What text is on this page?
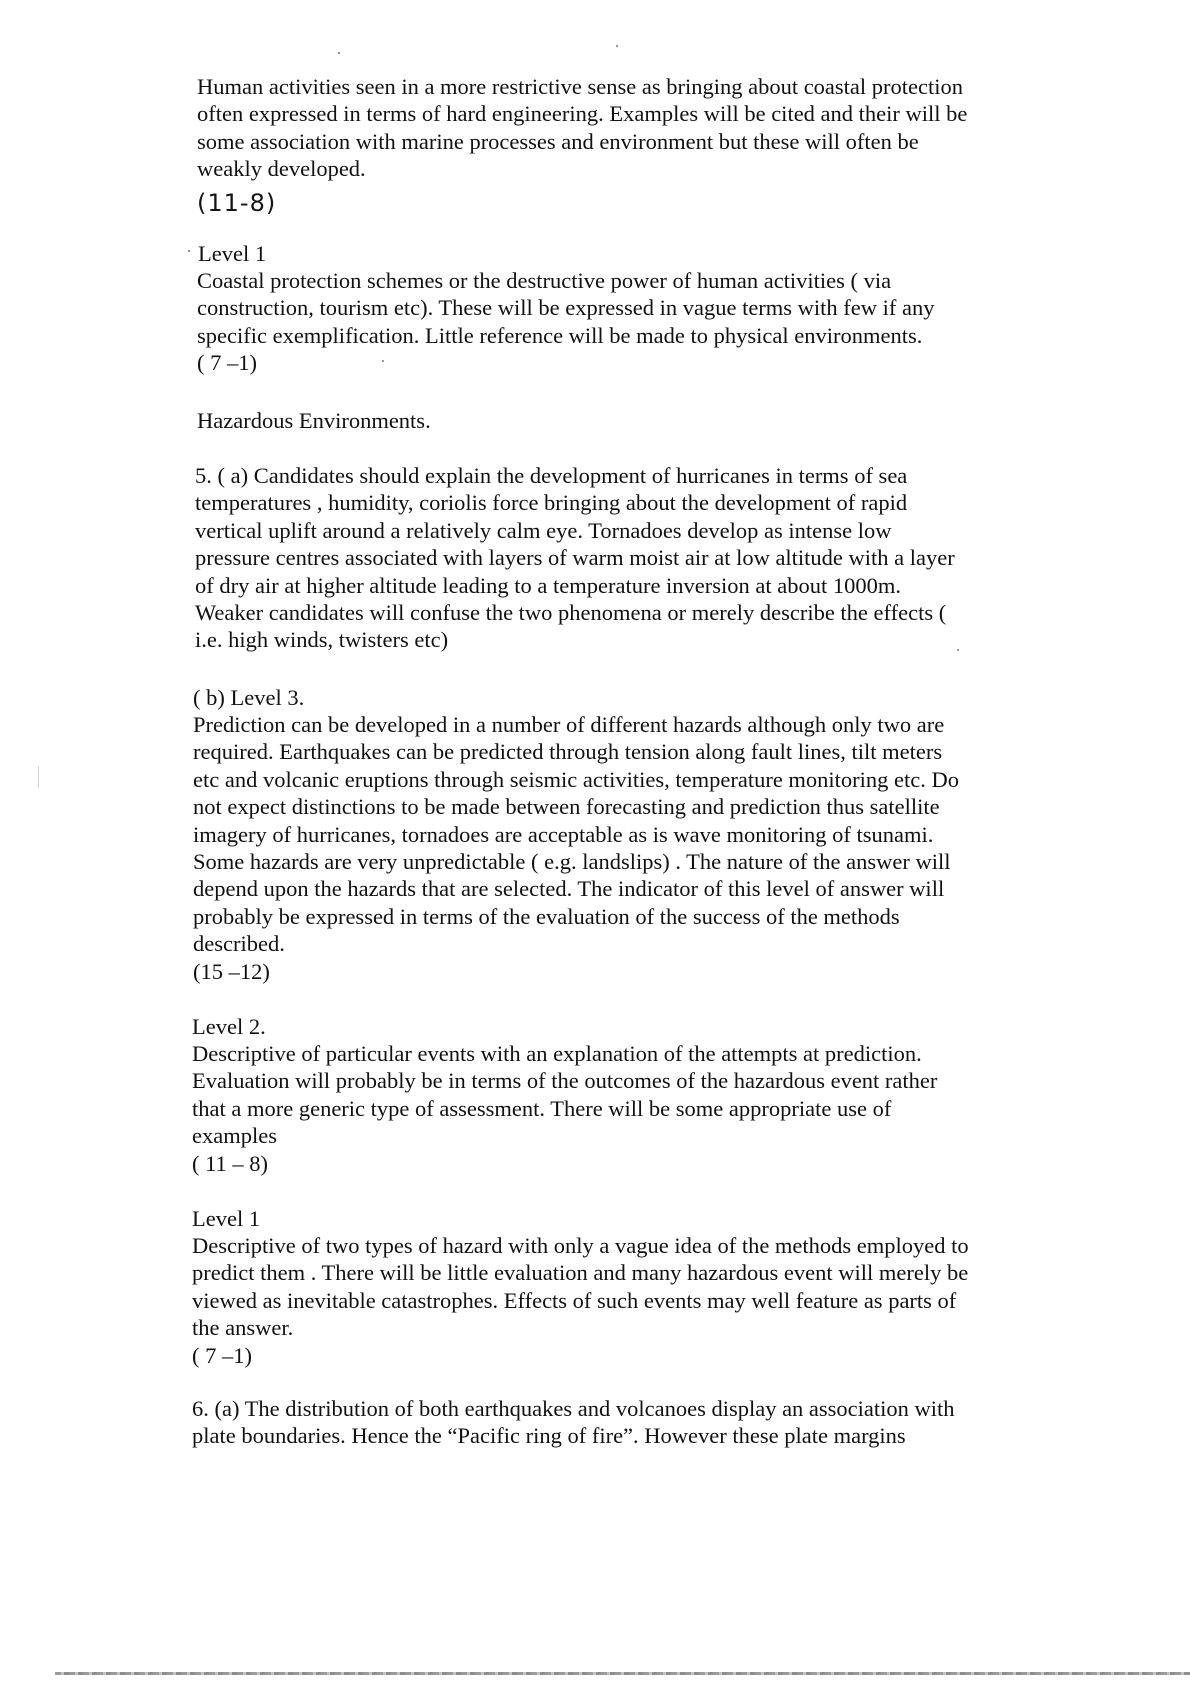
Human activities seen in a more restrictive sense as bringing about coastal protection
often expressed in terms of hard engineering. Examples will be cited and their will be
some association with marine processes and environment but these will often be
weakly developed.
(11-8)
Level 1
Coastal protection schemes or the destructive power of human activities ( via
construction, tourism etc). These will be expressed in vague terms with few if any
specific exemplification. Little reference will be made to physical environments.
( 7 –1)
Hazardous Environments.
5. ( a) Candidates should explain the development of hurricanes in terms of sea
temperatures , humidity, coriolis force bringing about the development of rapid
vertical uplift around a relatively calm eye. Tornadoes develop as intense low
pressure centres associated with layers of warm moist air at low altitude with a layer
of dry air at higher altitude leading to a temperature inversion at about 1000m.
Weaker candidates will confuse the two phenomena or merely describe the effects (
i.e. high winds, twisters etc)
( b) Level 3.
Prediction can be developed in a number of different hazards although only two are
required. Earthquakes can be predicted through tension along fault lines, tilt meters
etc and volcanic eruptions through seismic activities, temperature monitoring etc. Do
not expect distinctions to be made between forecasting and prediction thus satellite
imagery of hurricanes, tornadoes are acceptable as is wave monitoring of tsunami.
Some hazards are very unpredictable ( e.g. landslips) . The nature of the answer will
depend upon the hazards that are selected. The indicator of this level of answer will
probably be expressed in terms of the evaluation of the success of the methods
described.
(15 –12)
Level 2.
Descriptive of particular events with an explanation of the attempts at prediction.
Evaluation will probably be in terms of the outcomes of the hazardous event rather
that a more generic type of assessment. There will be some appropriate use of
examples
( 11 – 8)
Level 1
Descriptive of two types of hazard with only a vague idea of the methods employed to
predict them . There will be little evaluation and many hazardous event will merely be
viewed as inevitable catastrophes. Effects of such events may well feature as parts of
the answer.
( 7 –1)
6. (a) The distribution of both earthquakes and volcanoes display an association with
plate boundaries. Hence the “Pacific ring of fire”. However these plate margins
